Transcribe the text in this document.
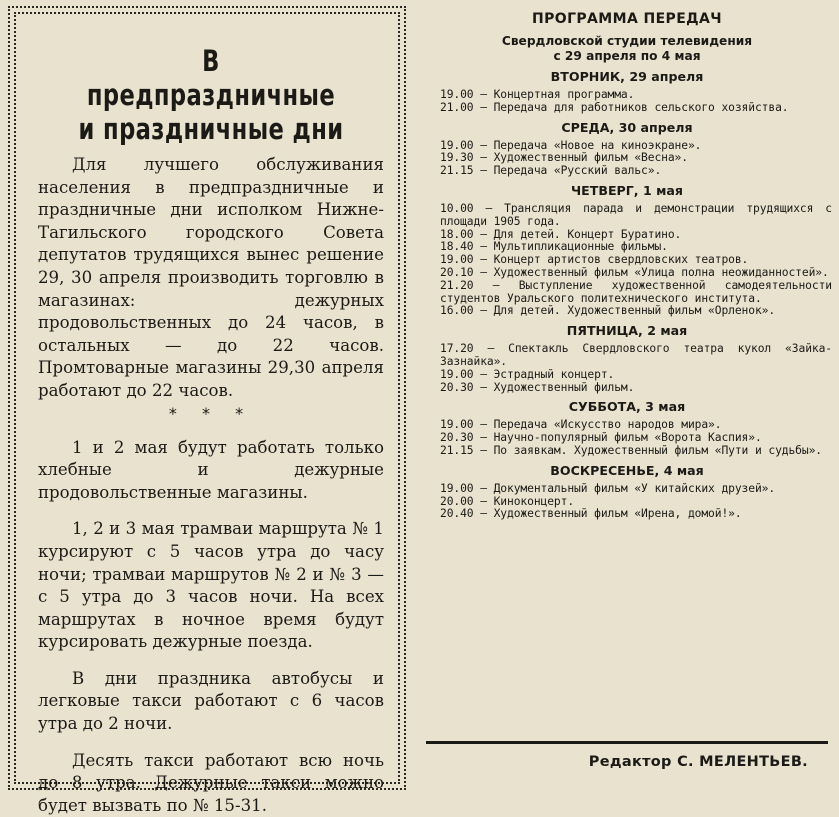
В предпраздничные
и праздничные дни

Для лучшего обслуживания населения в предпраздничные и праздничные дни исполком Нижне-Тагильского городского Совета депутатов трудящихся вынес решение 29, 30 апреля производить торговлю в магазинах: дежурных продовольственных до 24 часов, в остальных — до 22 часов. Промтоварные магазины 29,30 апреля работают до 22 часов.

* * *

1 и 2 мая будут работать только хлебные и дежурные продовольственные магазины.

1, 2 и 3 мая трамваи маршрута № 1 курсируют с 5 часов утра до часу ночи; трамваи маршрутов № 2 и № 3 — с 5 утра до 3 часов ночи. На всех маршрутах в ночное время будут курсировать дежурные поезда.

В дни праздника автобусы и легковые такси работают с 6 часов утра до 2 ночи.

Десять такси работают всю ночь до 8 утра. Дежурные такси можно будет вызвать по № 15-31.

ПРОГРАММА ПЕРЕДАЧ
Свердловской студии телевидения
с 29 апреля по 4 мая
ВТОРНИК, 29 апреля
19.00 — Концертная программа.
21.00 — Передача для работников сельского хозяйства.
СРЕДА, 30 апреля
19.00 — Передача «Новое на киноэкране».
19.30 — Художественный фильм «Весна».
21.15 — Передача «Русский вальс».
ЧЕТВЕРГ, 1 мая
10.00 — Трансляция парада и демонстрации трудящихся с площади 1905 года.
18.00 — Для детей. Концерт Буратино.
18.40 — Мультипликационные фильмы.
19.00 — Концерт артистов свердловских театров.
20.10 — Художественный фильм «Улица полна неожиданностей».
21.20 — Выступление художественной самодеятельности студентов Уральского политехнического института.
16.00 — Для детей. Художественный фильм «Орленок».
ПЯТНИЦА, 2 мая
17.20 — Спектакль Свердловского театра кукол «Зайка-Зазнайка».
19.00 — Эстрадный концерт.
20.30 — Художественный фильм.
СУББОТА, 3 мая
19.00 — Передача «Искусство народов мира».
20.30 — Научно-популярный фильм «Ворота Каспия».
21.15 — По заявкам. Художественный фильм «Пути и судьбы».
ВОСКРЕСЕНЬЕ, 4 мая
19.00 — Документальный фильм «У китайских друзей».
20.00 — Киноконцерт.
20.40 — Художественный фильм «Ирена, домой!».
Редактор С. МЕЛЕНТЬЕВ.
